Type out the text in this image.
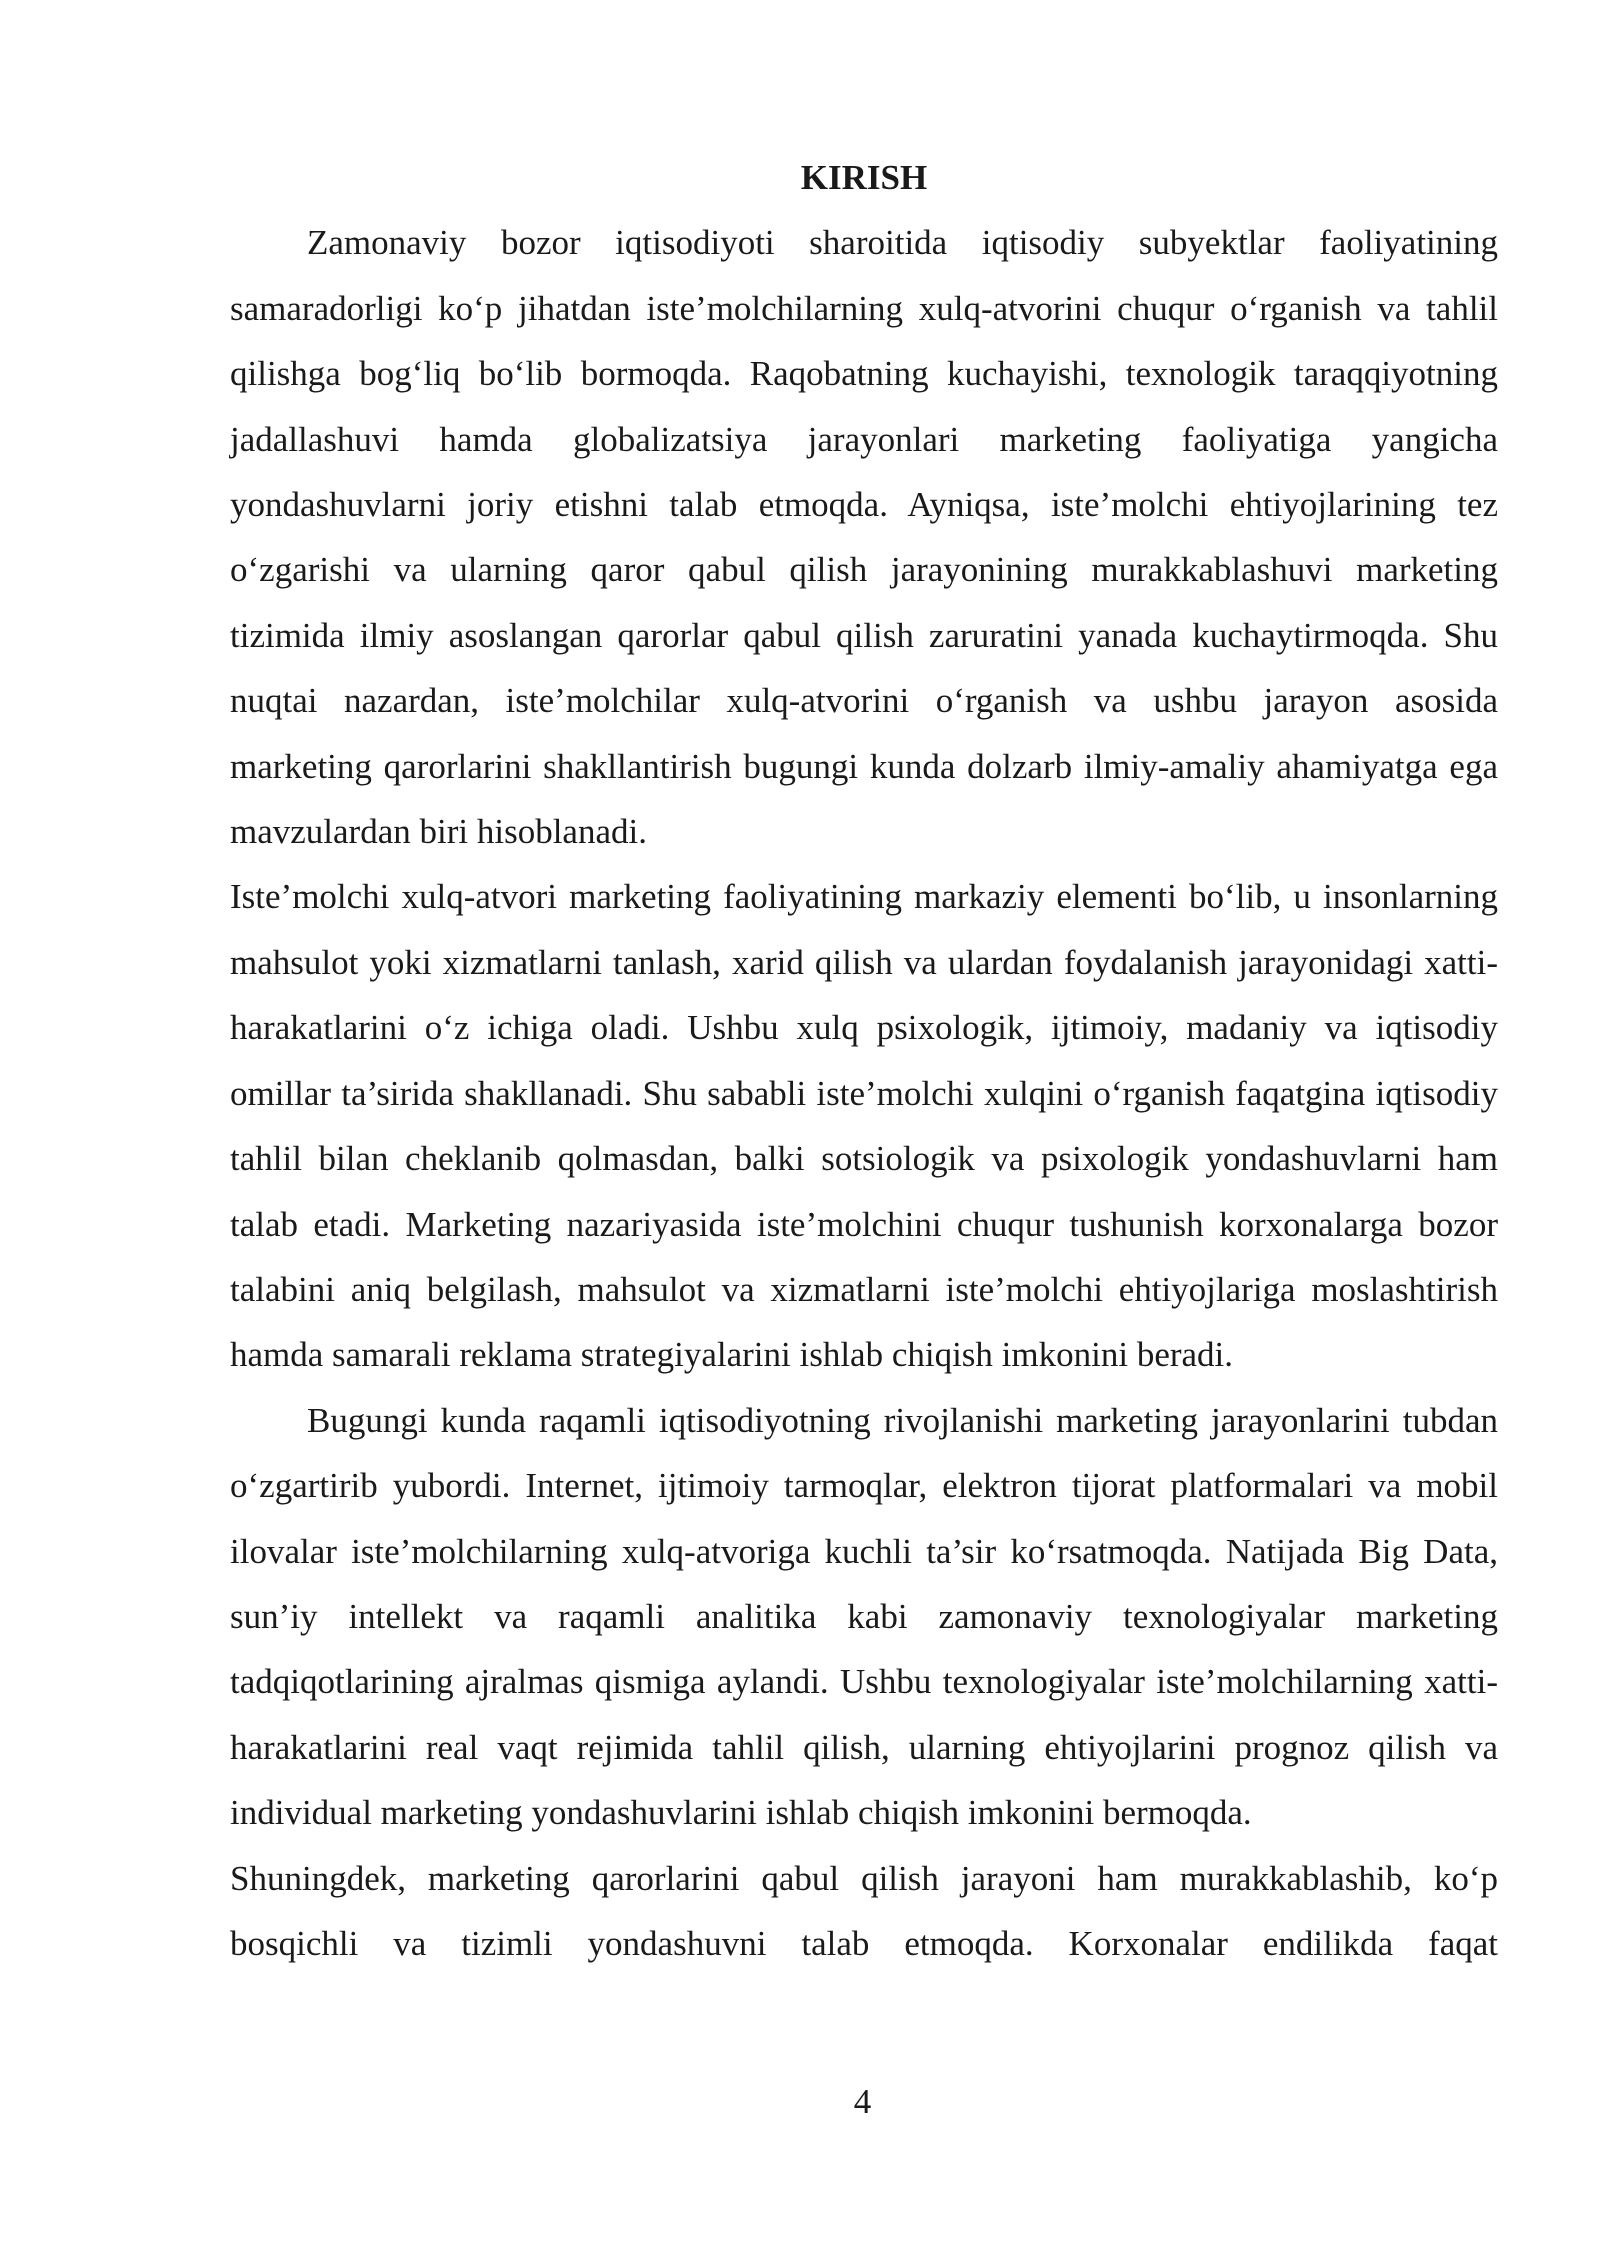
KIRISH

Zamonaviy bozor iqtisodiyoti sharoitida iqtisodiy subyektlar faoliyatining samaradorligi ko‘p jihatdan iste’molchilarning xulq-atvorini chuqur o‘rganish va tahlil qilishga bog‘liq bo‘lib bormoqda. Raqobatning kuchayishi, texnologik taraqqiyotning jadallashuvi hamda globalizatsiya jarayonlari marketing faoliyatiga yangicha yondashuvlarni joriy etishni talab etmoqda. Ayniqsa, iste’molchi ehtiyojlarining tez o‘zgarishi va ularning qaror qabul qilish jarayonining murakkablashuvi marketing tizimida ilmiy asoslangan qarorlar qabul qilish zaruratini yanada kuchaytirmoqda. Shu nuqtai nazardan, iste’molchilar xulq-atvorini o‘rganish va ushbu jarayon asosida marketing qarorlarini shakllantirish bugungi kunda dolzarb ilmiy-amaliy ahamiyatga ega mavzulardan biri hisoblanadi.

Iste’molchi xulq-atvori marketing faoliyatining markaziy elementi bo‘lib, u insonlarning mahsulot yoki xizmatlarni tanlash, xarid qilish va ulardan foydalanish jarayonidagi xatti-harakatlarini o‘z ichiga oladi. Ushbu xulq psixologik, ijtimoiy, madaniy va iqtisodiy omillar ta’sirida shakllanadi. Shu sababli iste’molchi xulqini o‘rganish faqatgina iqtisodiy tahlil bilan cheklanib qolmasdan, balki sotsiologik va psixologik yondashuvlarni ham talab etadi. Marketing nazariyasida iste’molchini chuqur tushunish korxonalarga bozor talabini aniq belgilash, mahsulot va xizmatlarni iste’molchi ehtiyojlariga moslashtirish hamda samarali reklama strategiyalarini ishlab chiqish imkonini beradi.

Bugungi kunda raqamli iqtisodiyotning rivojlanishi marketing jarayonlarini tubdan o‘zgartirib yubordi. Internet, ijtimoiy tarmoqlar, elektron tijorat platformalari va mobil ilovalar iste’molchilarning xulq-atvoriga kuchli ta’sir ko‘rsatmoqda. Natijada Big Data, sun’iy intellekt va raqamli analitika kabi zamonaviy texnologiyalar marketing tadqiqotlarining ajralmas qismiga aylandi. Ushbu texnologiyalar iste’molchilarning xatti-harakatlarini real vaqt rejimida tahlil qilish, ularning ehtiyojlarini prognoz qilish va individual marketing yondashuvlarini ishlab chiqish imkonini bermoqda.

Shuningdek, marketing qarorlarini qabul qilish jarayoni ham murakkablashib, ko‘p bosqichli va tizimli yondashuvni talab etmoqda. Korxonalar endilikda faqat

4
